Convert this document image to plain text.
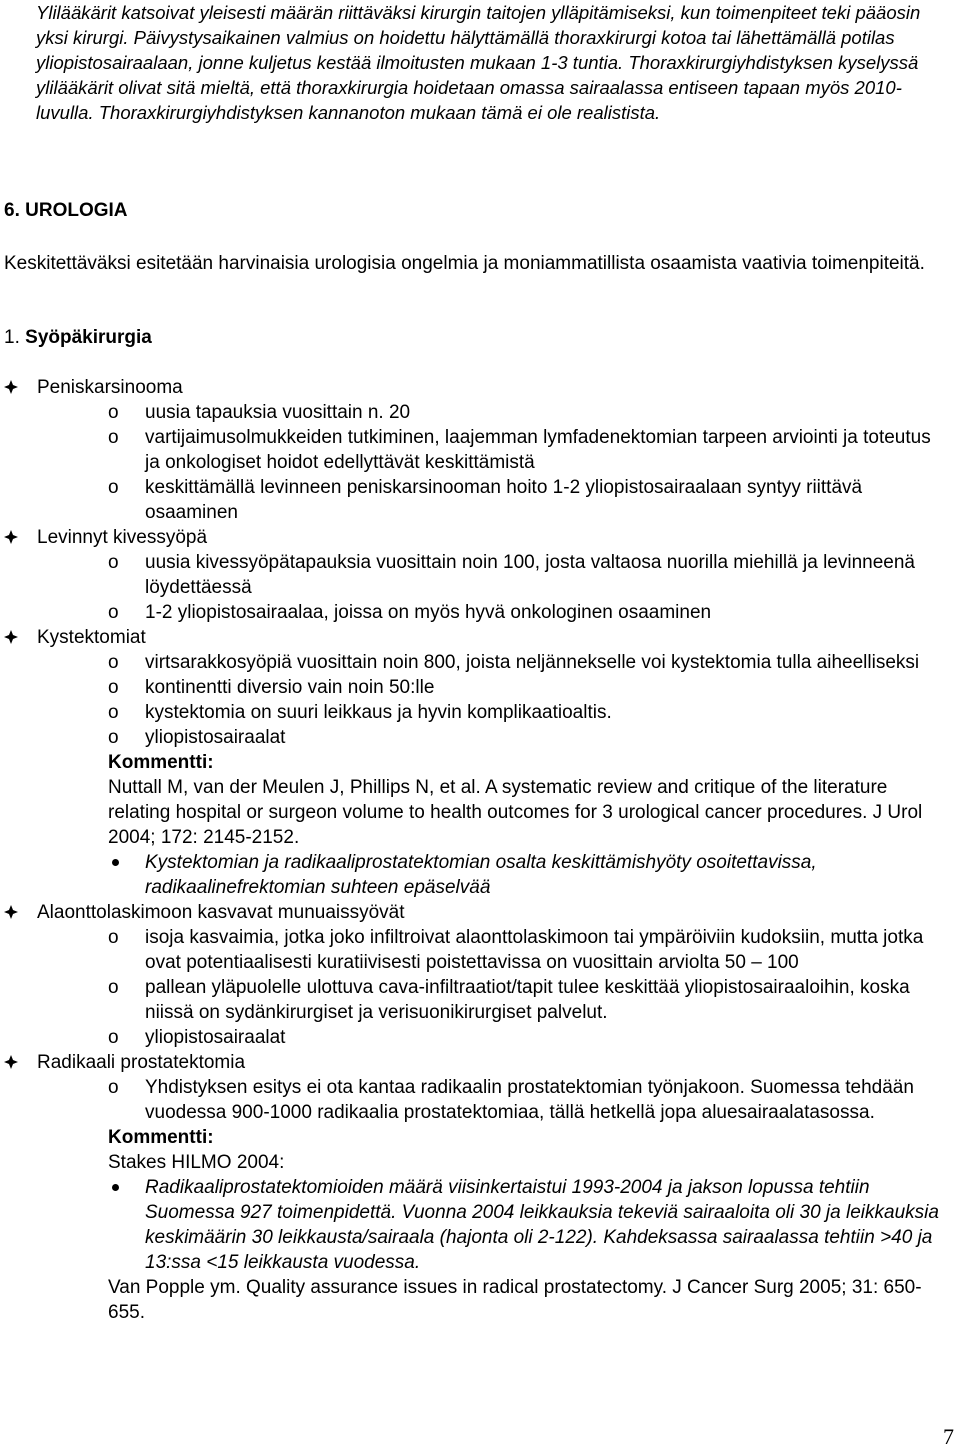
Ylilääkärit katsoivat yleisesti määrän riittäväksi kirurgin taitojen ylläpitämiseksi, kun toimenpiteet teki pääosin yksi kirurgi. Päivystysaikainen valmius on hoidettu hälyttämällä thoraxkirurgi kotoa tai lähettämällä potilas yliopistosairaalaan, jonne kuljetus kestää ilmoitusten mukaan 1-3 tuntia. Thoraxkirurgiyhdistyksen kyselyssä ylilääkärit olivat sitä mieltä, että thoraxkirurgia hoidetaan omassa sairaalassa entiseen tapaan myös 2010-luvulla. Thoraxkirurgiyhdistyksen kannanoton mukaan tämä ei ole realistista.

6. UROLOGIA

Keskitettäväksi esitetään harvinaisia urologisia ongelmia ja moniammatillista osaamista vaativia toimenpiteitä.

1. Syöpäkirurgia

Peniskarsinooma
o uusia tapauksia vuosittain n. 20
o vartijaimusolmukkeiden tutkiminen, laajemman lymfadenektomian tarpeen arviointi ja toteutus ja onkologiset hoidot edellyttävät keskittämistä
o keskittämällä levinneen peniskarsinooman hoito 1-2 yliopistosairaalaan syntyy riittävä osaaminen
Levinnyt kivessyöpä
o uusia kivessyöpätapauksia vuosittain noin 100, josta valtaosa nuorilla miehillä ja levinneenä löydettäessä
o 1-2 yliopistosairaalaa, joissa on myös hyvä onkologinen osaaminen
Kystektomiat
o virtsarakkosyöpiä vuosittain noin 800, joista neljännekselle voi kystektomia tulla aiheelliseksi
o kontinentti diversio vain noin 50:lle
o kystektomia on suuri leikkaus ja hyvin komplikaatioaltis.
o yliopistosairaalat
Kommentti:
Nuttall M, van der Meulen J, Phillips N, et al. A systematic review and critique of the literature relating hospital or surgeon volume to health outcomes for 3 urological cancer procedures. J Urol 2004; 172: 2145-2152.
Kystektomian ja radikaaliprostatektomian osalta keskittämishyöty osoitettavissa, radikaalinefrektomian suhteen epäselvää
Alaonttolaskimoon kasvavat munuaissyövät
o isoja kasvaimia, jotka joko infiltroivat alaonttolaskimoon tai ympäröiviin kudoksiin, mutta jotka ovat potentiaalisesti kuratiivisesti poistettavissa on vuosittain arviolta 50 – 100
o pallean yläpuolelle ulottuva cava-infiltraatiot/tapit tulee keskittää yliopistosairaaloihin, koska niissä on sydänkirurgiset ja verisuonikirurgiset palvelut.
o yliopistosairaalat
Radikaali prostatektomia
o Yhdistyksen esitys ei ota kantaa radikaalin prostatektomian työnjakoon. Suomessa tehdään vuodessa 900-1000 radikaalia prostatektomiaa, tällä hetkellä jopa aluesairaalatasossa.
Kommentti:
Stakes HILMO 2004:
Radikaaliprostatektomioiden määrä viisinkertaistui 1993-2004 ja jakson lopussa tehtiin Suomessa 927 toimenpidettä. Vuonna 2004 leikkauksia tekeviä sairaaloita oli 30 ja leikkauksia keskimäärin 30 leikkausta/sairaala (hajonta oli 2-122). Kahdeksassa sairaalassa tehtiin >40 ja 13:ssa <15 leikkausta vuodessa.
Van Popple ym. Quality assurance issues in radical prostatectomy. J Cancer Surg 2005; 31: 650-655.

7
